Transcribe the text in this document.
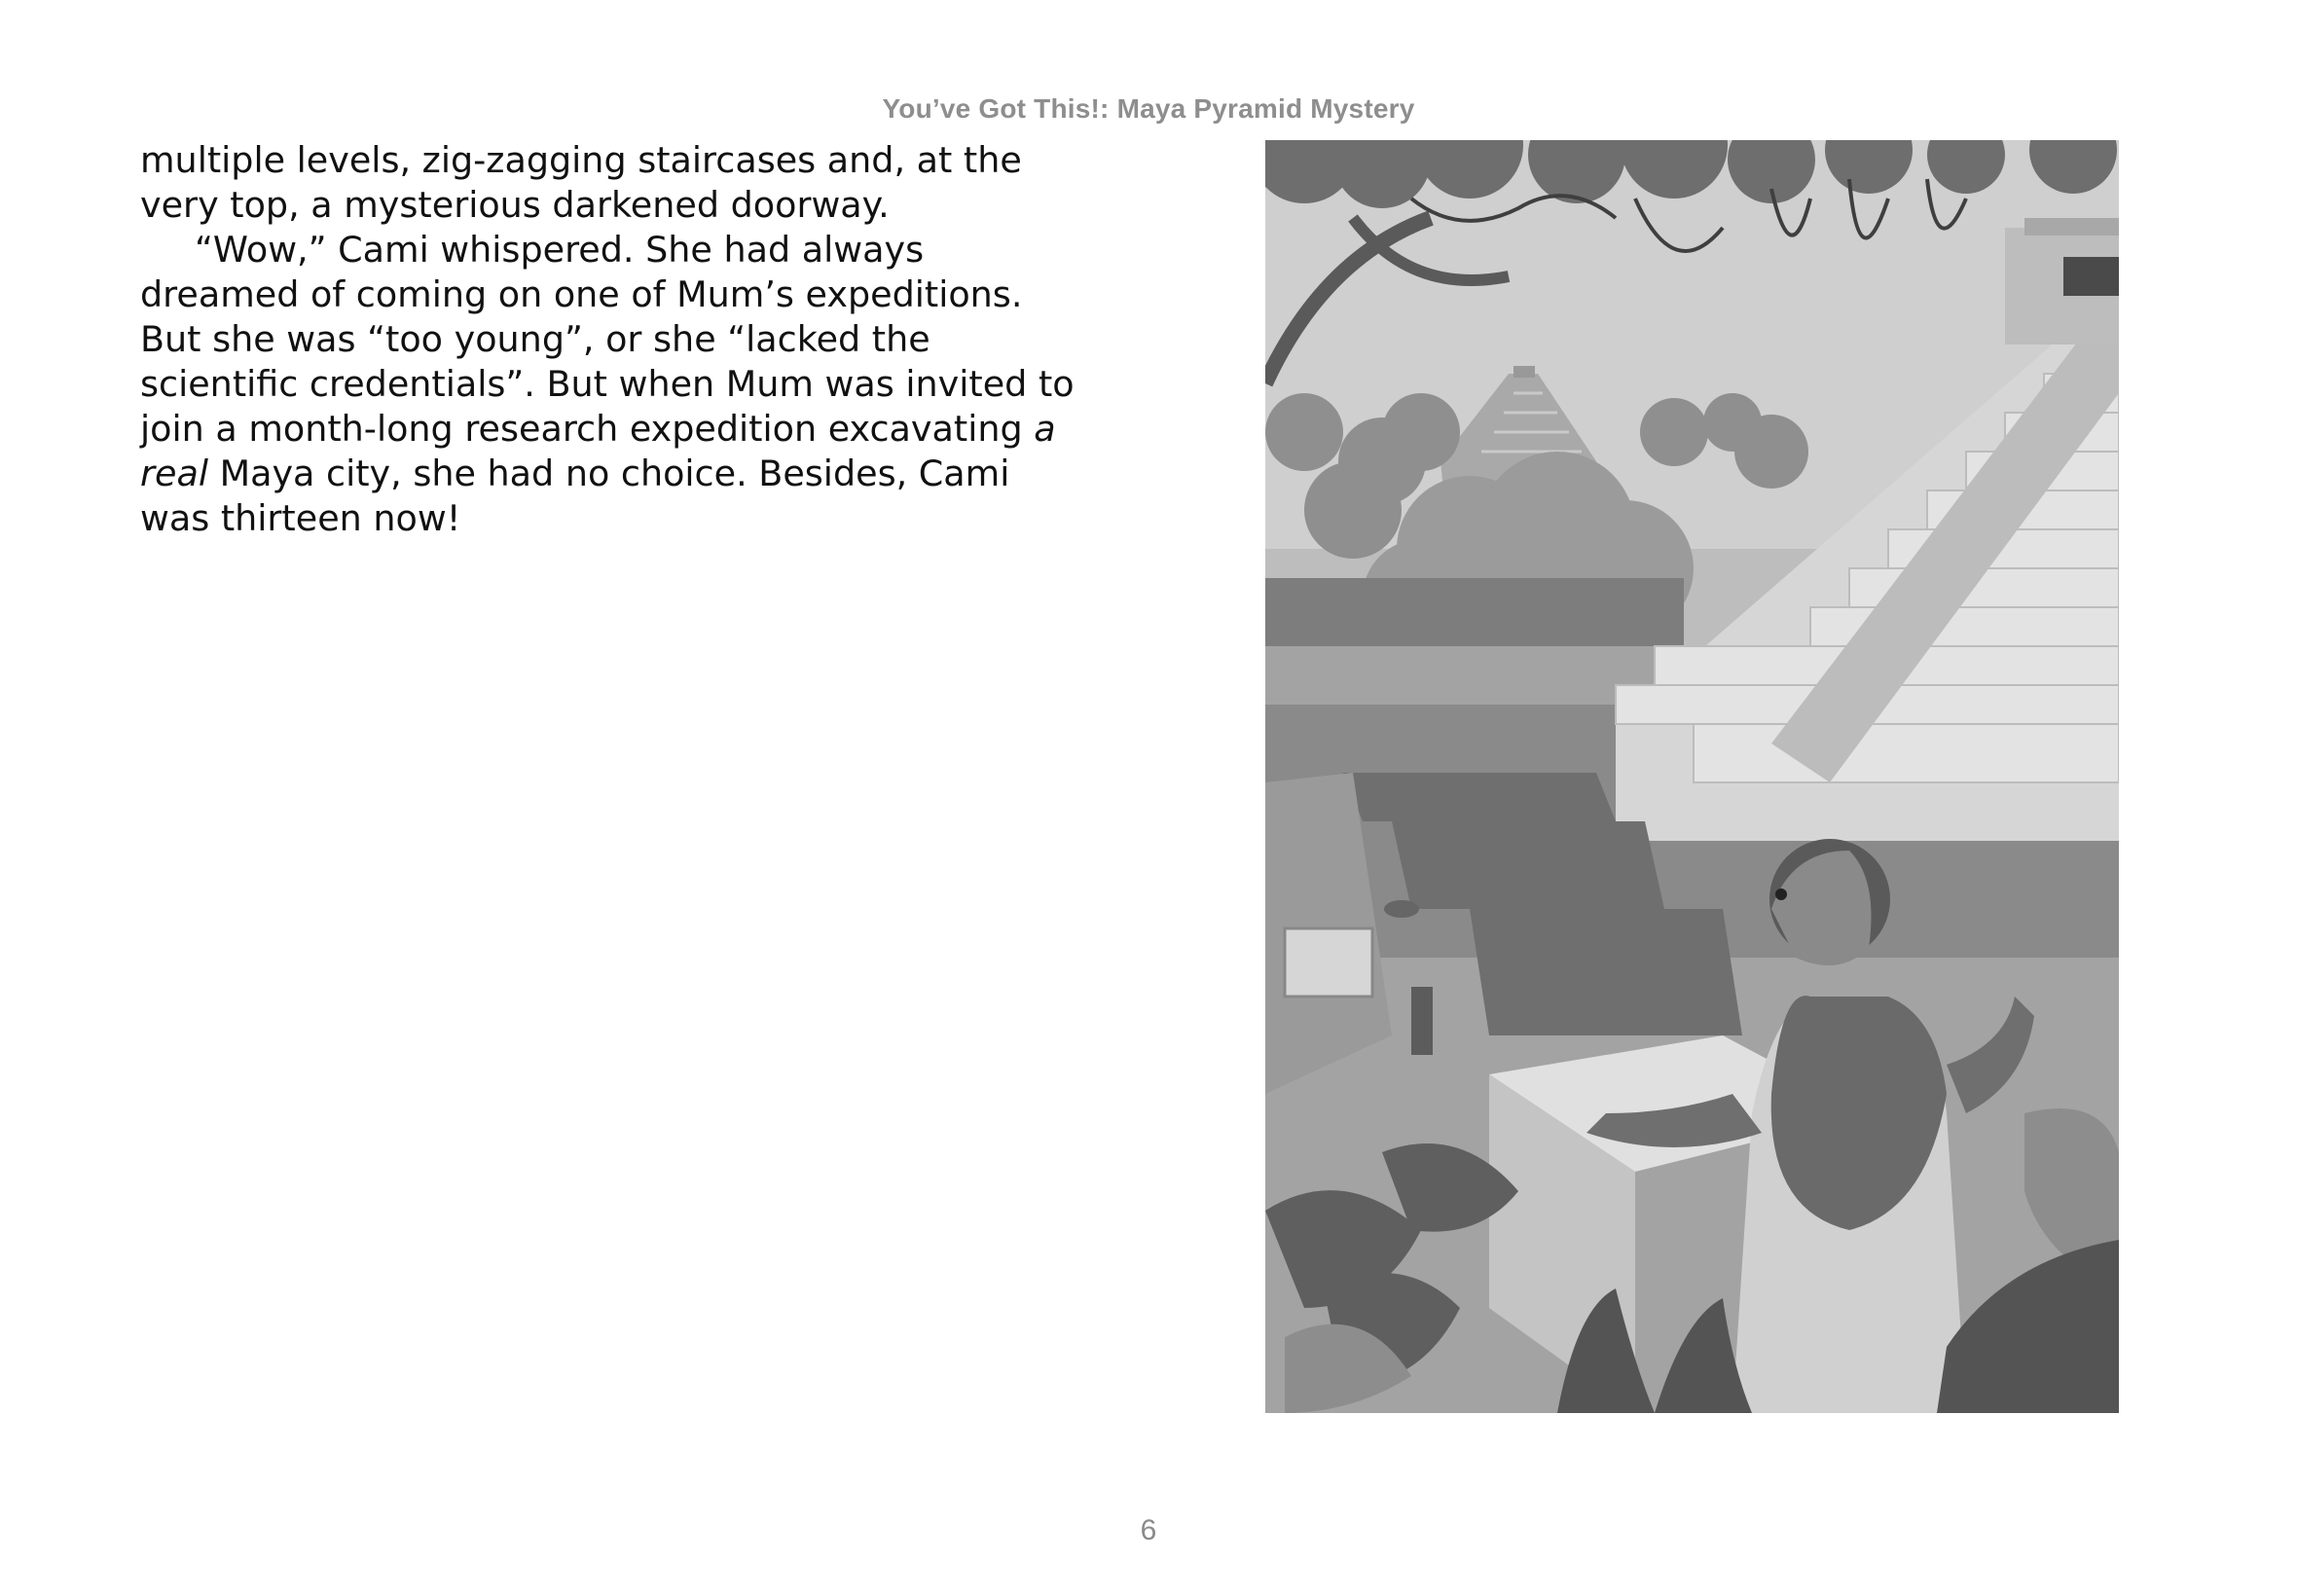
You’ve Got This!: Maya Pyramid Mystery

multiple levels, zig-zagging staircases and, at the very top, a mysterious darkened doorway.

“Wow,” Cami whispered. She had always dreamed of coming on one of Mum’s expeditions. But she was “too young”, or she “lacked the scientific credentials”. But when Mum was invited to join a month-long research expedition excavating a real Maya city, she had no choice. Besides, Cami was thirteen now!

6
